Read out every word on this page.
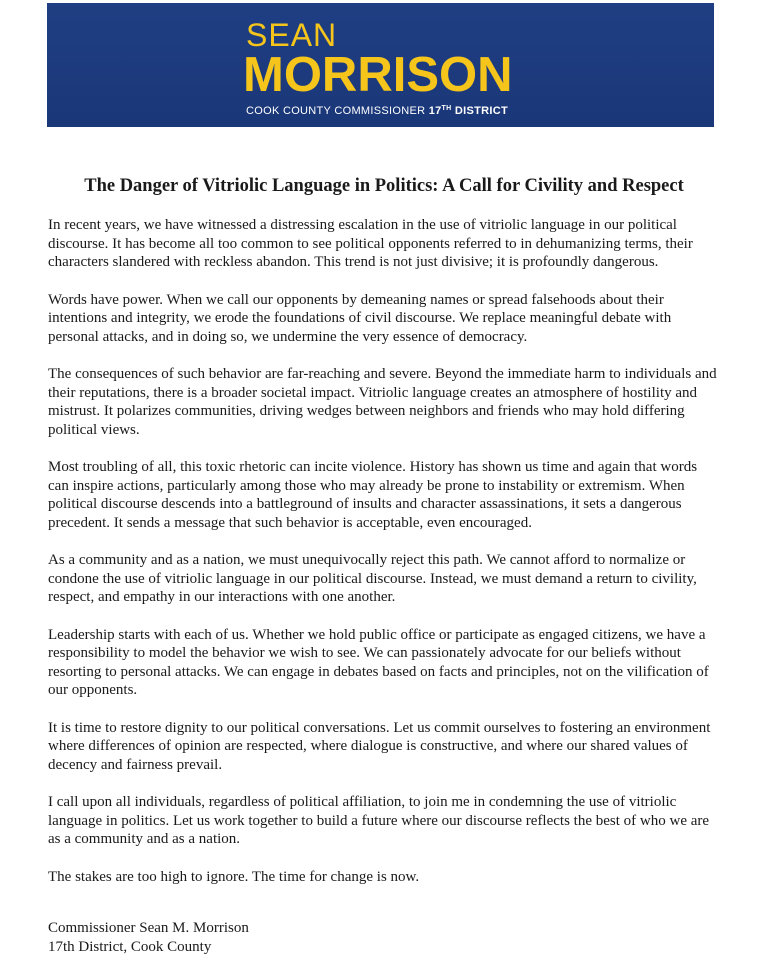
SEAN
MORRISON
COOK COUNTY COMMISSIONER 17TH DISTRICT
The Danger of Vitriolic Language in Politics: A Call for Civility and Respect

In recent years, we have witnessed a distressing escalation in the use of vitriolic language in our political discourse. It has become all too common to see political opponents referred to in dehumanizing terms, their characters slandered with reckless abandon. This trend is not just divisive; it is profoundly dangerous.

Words have power. When we call our opponents by demeaning names or spread falsehoods about their intentions and integrity, we erode the foundations of civil discourse. We replace meaningful debate with personal attacks, and in doing so, we undermine the very essence of democracy.

The consequences of such behavior are far-reaching and severe. Beyond the immediate harm to individuals and their reputations, there is a broader societal impact. Vitriolic language creates an atmosphere of hostility and mistrust. It polarizes communities, driving wedges between neighbors and friends who may hold differing political views.

Most troubling of all, this toxic rhetoric can incite violence. History has shown us time and again that words can inspire actions, particularly among those who may already be prone to instability or extremism. When political discourse descends into a battleground of insults and character assassinations, it sets a dangerous precedent. It sends a message that such behavior is acceptable, even encouraged.

As a community and as a nation, we must unequivocally reject this path. We cannot afford to normalize or condone the use of vitriolic language in our political discourse. Instead, we must demand a return to civility, respect, and empathy in our interactions with one another.

Leadership starts with each of us. Whether we hold public office or participate as engaged citizens, we have a responsibility to model the behavior we wish to see. We can passionately advocate for our beliefs without resorting to personal attacks. We can engage in debates based on facts and principles, not on the vilification of our opponents.

It is time to restore dignity to our political conversations. Let us commit ourselves to fostering an environment where differences of opinion are respected, where dialogue is constructive, and where our shared values of decency and fairness prevail.

I call upon all individuals, regardless of political affiliation, to join me in condemning the use of vitriolic language in politics. Let us work together to build a future where our discourse reflects the best of who we are as a community and as a nation.

The stakes are too high to ignore. The time for change is now.

Commissioner Sean M. Morrison
17th District, Cook County
